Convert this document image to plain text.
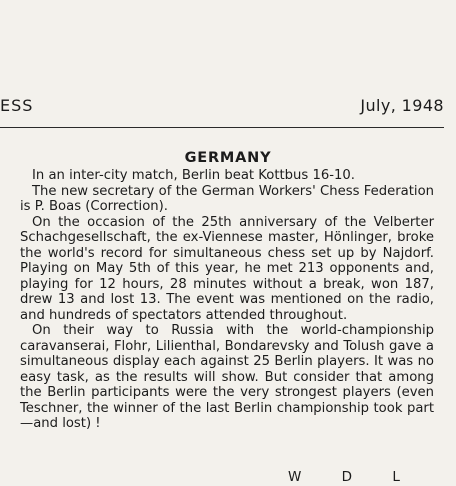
ESS	July, 1948
GERMANY

In an inter-city match, Berlin beat Kottbus 16-10.

The new secretary of the German Workers' Chess Federation is P. Boas (Correction).

On the occasion of the 25th anniversary of the Velberter Schachgesellschaft, the ex-Viennese master, Hönlinger, broke the world's record for simultaneous chess set up by Najdorf. Playing on May 5th of this year, he met 213 opponents and, playing for 12 hours, 28 minutes without a break, won 187, drew 13 and lost 13. The event was mentioned on the radio, and hundreds of spectators attended throughout.

On their way to Russia with the world-championship caravanserai, Flohr, Lilienthal, Bondarevsky and Tolush gave a simultaneous display each against 25 Berlin players. It was no easy task, as the results will show. But consider that among the Berlin participants were the very strongest players (even Teschner, the winner of the last Berlin championship took part—and lost) !

W D L
